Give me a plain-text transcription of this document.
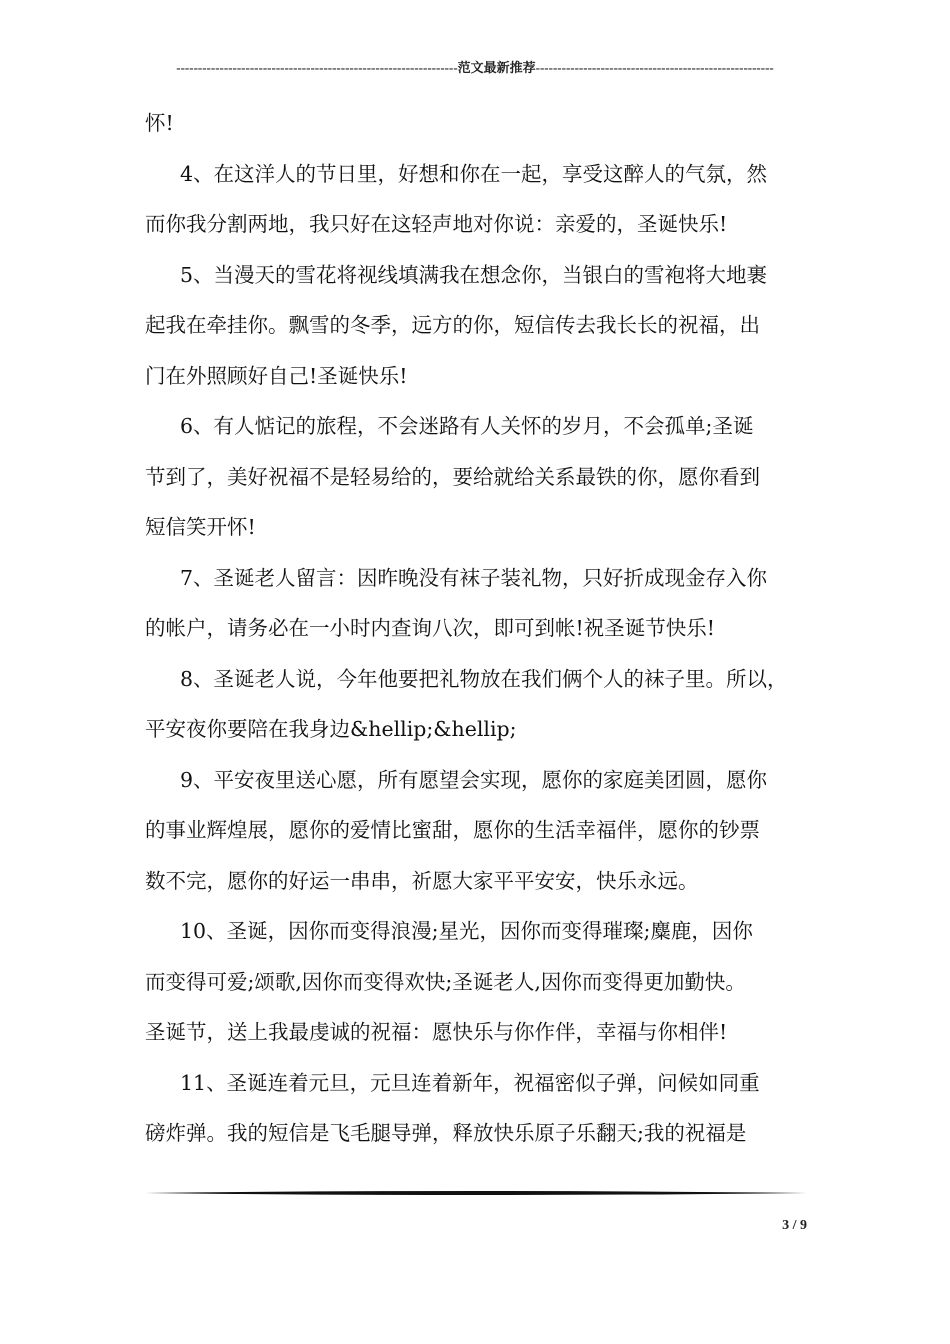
-----------------------------------------------------------------范文最新推荐-------------------------------------------------------
怀!
4、在这洋人的节日里，好想和你在一起，享受这醉人的气氛，然
而你我分割两地，我只好在这轻声地对你说：亲爱的，圣诞快乐!
5、当漫天的雪花将视线填满我在想念你，当银白的雪袍将大地裹
起我在牵挂你。飘雪的冬季，远方的你，短信传去我长长的祝福，出
门在外照顾好自己!圣诞快乐!
6、有人惦记的旅程，不会迷路有人关怀的岁月，不会孤单;圣诞
节到了，美好祝福不是轻易给的，要给就给关系最铁的你，愿你看到
短信笑开怀!
7、圣诞老人留言：因昨晚没有袜子装礼物，只好折成现金存入你
的帐户，请务必在一小时内查询八次，即可到帐!祝圣诞节快乐!
8、圣诞老人说，今年他要把礼物放在我们俩个人的袜子里。所以，
平安夜你要陪在我身边&hellip;&hellip;
9、平安夜里送心愿，所有愿望会实现，愿你的家庭美团圆，愿你
的事业辉煌展，愿你的爱情比蜜甜，愿你的生活幸福伴，愿你的钞票
数不完，愿你的好运一串串，祈愿大家平平安安，快乐永远。
10、圣诞，因你而变得浪漫;星光，因你而变得璀璨;麋鹿，因你
而变得可爱;颂歌,因你而变得欢快;圣诞老人,因你而变得更加勤快。
圣诞节，送上我最虔诚的祝福：愿快乐与你作伴，幸福与你相伴!
11、圣诞连着元旦，元旦连着新年，祝福密似子弹，问候如同重
磅炸弹。我的短信是飞毛腿导弹，释放快乐原子乐翻天;我的祝福是
3 / 9
